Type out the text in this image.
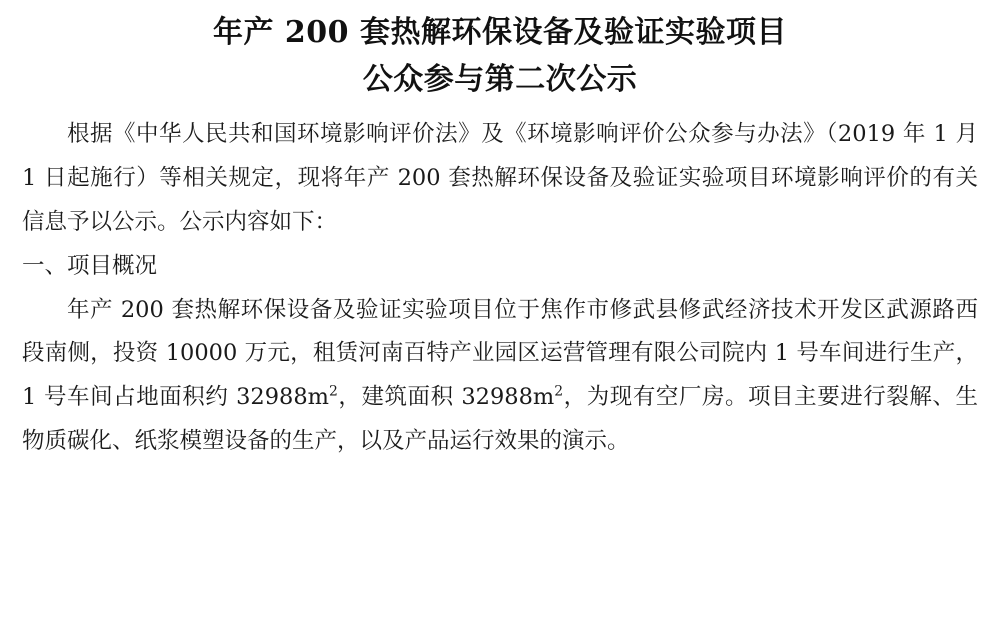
年产 200 套热解环保设备及验证实验项目
公众参与第二次公示

根据《中华人民共和国环境影响评价法》及《环境影响评价公众参与办法》（2019 年 1 月 1 日起施行）等相关规定，现将年产 200 套热解环保设备及验证实验项目环境影响评价的有关信息予以公示。公示内容如下：

一、项目概况

年产 200 套热解环保设备及验证实验项目位于焦作市修武县修武经济技术开发区武源路西段南侧，投资 10000 万元，租赁河南百特产业园区运营管理有限公司院内 1 号车间进行生产，1 号车间占地面积约 $32988m^2$，建筑面积 $32988m^2$，为现有空厂房。项目主要进行裂解、生物质碳化、纸浆模塑设备的生产，以及产品运行效果的演示。
